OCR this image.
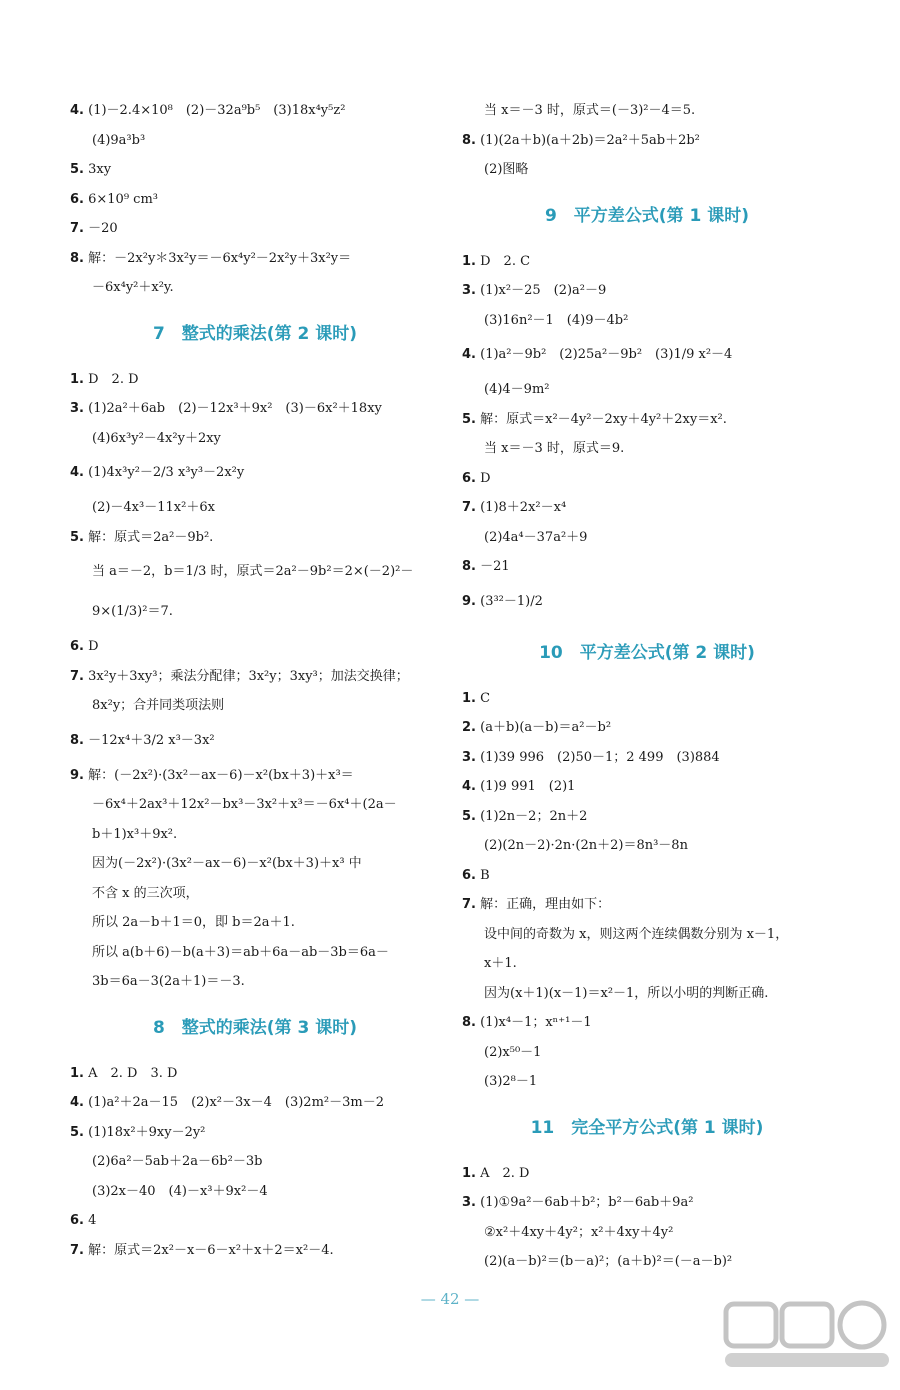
4. (1)－2.4×10⁸　(2)－32a⁹b⁵　(3)18x⁴y⁵z²
(4)9a³b³
5. 3xy
6. 6×10⁹ cm³
7. －20
8. 解：－2x²y＊3x²y＝－6x⁴y²－2x²y＋3x²y＝
－6x⁴y²＋x²y.
7　整式的乘法(第 2 课时)
1. D　2. D
3. (1)2a²＋6ab　(2)－12x³＋9x²　(3)－6x²＋18xy
(4)6x³y²－4x²y＋2xy
4. (1)4x³y²－2/3 x³y³－2x²y
(2)－4x³－11x²＋6x
5. 解：原式＝2a²－9b².
当 a＝－2，b＝1/3 时，原式＝2a²－9b²＝2×(－2)²－
9×(1/3)²＝7.
6. D
7. 3x²y＋3xy³；乘法分配律；3x²y；3xy³；加法交换律；
8x²y；合并同类项法则
8. －12x⁴＋3/2 x³－3x²
9. 解：(－2x²)·(3x²－ax－6)－x²(bx＋3)＋x³＝
－6x⁴＋2ax³＋12x²－bx³－3x²＋x³＝－6x⁴＋(2a－
b＋1)x³＋9x².
因为(－2x²)·(3x²－ax－6)－x²(bx＋3)＋x³ 中
不含 x 的三次项，
所以 2a－b＋1＝0，即 b＝2a＋1.
所以 a(b＋6)－b(a＋3)＝ab＋6a－ab－3b＝6a－
3b＝6a－3(2a＋1)＝－3.
8　整式的乘法(第 3 课时)
1. A　2. D　3. D
4. (1)a²＋2a－15　(2)x²－3x－4　(3)2m²－3m－2
5. (1)18x²＋9xy－2y²
(2)6a²－5ab＋2a－6b²－3b
(3)2x－40　(4)－x³＋9x²－4
6. 4
7. 解：原式＝2x²－x－6－x²＋x＋2＝x²－4.
当 x＝－3 时，原式＝(－3)²－4＝5.
8. (1)(2a＋b)(a＋2b)＝2a²＋5ab＋2b²
(2)图略
9　平方差公式(第 1 课时)
1. D　2. C
3. (1)x²－25　(2)a²－9
(3)16n²－1　(4)9－4b²
4. (1)a²－9b²　(2)25a²－9b²　(3)1/9 x²－4
(4)4－9m²
5. 解：原式＝x²－4y²－2xy＋4y²＋2xy＝x².
当 x＝－3 时，原式＝9.
6. D
7. (1)8＋2x²－x⁴
(2)4a⁴－37a²＋9
8. －21
9. (3³²－1)/2
10　平方差公式(第 2 课时)
1. C
2. (a＋b)(a－b)＝a²－b²
3. (1)39 996　(2)50－1；2 499　(3)884
4. (1)9 991　(2)1
5. (1)2n－2；2n＋2
(2)(2n－2)·2n·(2n＋2)＝8n³－8n
6. B
7. 解：正确，理由如下：
设中间的奇数为 x，则这两个连续偶数分别为 x－1，
x＋1.
因为(x＋1)(x－1)＝x²－1，所以小明的判断正确.
8. (1)x⁴－1；xⁿ⁺¹－1
(2)x⁵⁰－1
(3)2⁸－1
11　完全平方公式(第 1 课时)
1. A　2. D
3. (1)①9a²－6ab＋b²；b²－6ab＋9a²
②x²＋4xy＋4y²；x²＋4xy＋4y²
(2)(a－b)²＝(b－a)²；(a＋b)²＝(－a－b)²
— 42 —
